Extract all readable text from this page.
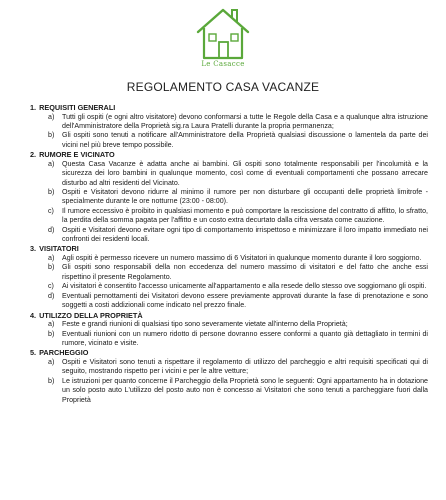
Le Casacce
REGOLAMENTO CASA VACANZE
1. REQUISITI GENERALI
a)	Tutti gli ospiti (e ogni altro visitatore) devono conformarsi a tutte le Regole della Casa e a qualunque altra istruzione dell'Amministratore della Proprietà sig.ra Laura Pratelli durante la propria permanenza;
b)	Gli ospiti sono tenuti a notificare all'Amministratore della Proprietà qualsiasi discussione o lamentela da parte dei vicini nel più breve tempo possibile.
2. RUMORE E VICINATO
a)	Questa Casa Vacanze è adatta anche ai bambini. Gli ospiti sono totalmente responsabili per l'incolumità e la sicurezza dei loro bambini in qualunque momento, così come di eventuali comportamenti che possano arrecare disturbo ad altri residenti del Vicinato.
b)	Ospiti e Visitatori devono ridurre al minimo il rumore per non disturbare gli occupanti delle proprietà limitrofe - specialmente durante le ore notturne (23:00 - 08:00).
c)	Il rumore eccessivo è proibito in qualsiasi momento e può comportare la rescissione del contratto di affitto, lo sfratto, la perdita della somma pagata per l'affitto e un costo extra decurtato dalla cifra versata come cauzione.
d)	Ospiti e Visitatori devono evitare ogni tipo di comportamento irrispettoso e minimizzare il loro impatto immediato nei confronti dei residenti locali.
3. VISITATORI
a)	Agli ospiti è permesso ricevere un numero massimo di 6 Visitatori in qualunque momento durante il loro soggiorno.
b)	Gli ospiti sono responsabili della non eccedenza del numero massimo di visitatori e del fatto che anche essi rispettino il presente Regolamento.
c)	Ai visitatori è consentito l'accesso unicamente all'appartamento e alla resede dello stesso ove soggiornano gli ospiti.
d)	Eventuali pernottamenti dei Visitatori devono essere previamente approvati durante la fase di prenotazione e sono soggetti a costi addizionali come indicato nel prezzo finale.
4. UTILIZZO DELLA PROPRIETÀ
a)	Feste e grandi riunioni di qualsiasi tipo sono severamente vietate all'interno della Proprietà;
b)	Eventuali riunioni con un numero ridotto di persone dovranno essere conformi a quanto già dettagliato in termini di rumore, vicinato e visite.
5. PARCHEGGIO
a)	Ospiti e Visitatori sono tenuti a rispettare il regolamento di utilizzo del parcheggio e altri requisiti specificati qui di seguito, mostrando rispetto per i vicini e per le altre vetture;
b)	Le istruzioni per quanto concerne il Parcheggio della Proprietà sono le seguenti: Ogni appartamento ha in dotazione un solo posto auto L'utilizzo del posto auto non è concesso ai Visitatori che sono tenuti a parcheggiare fuori dalla Proprietà
